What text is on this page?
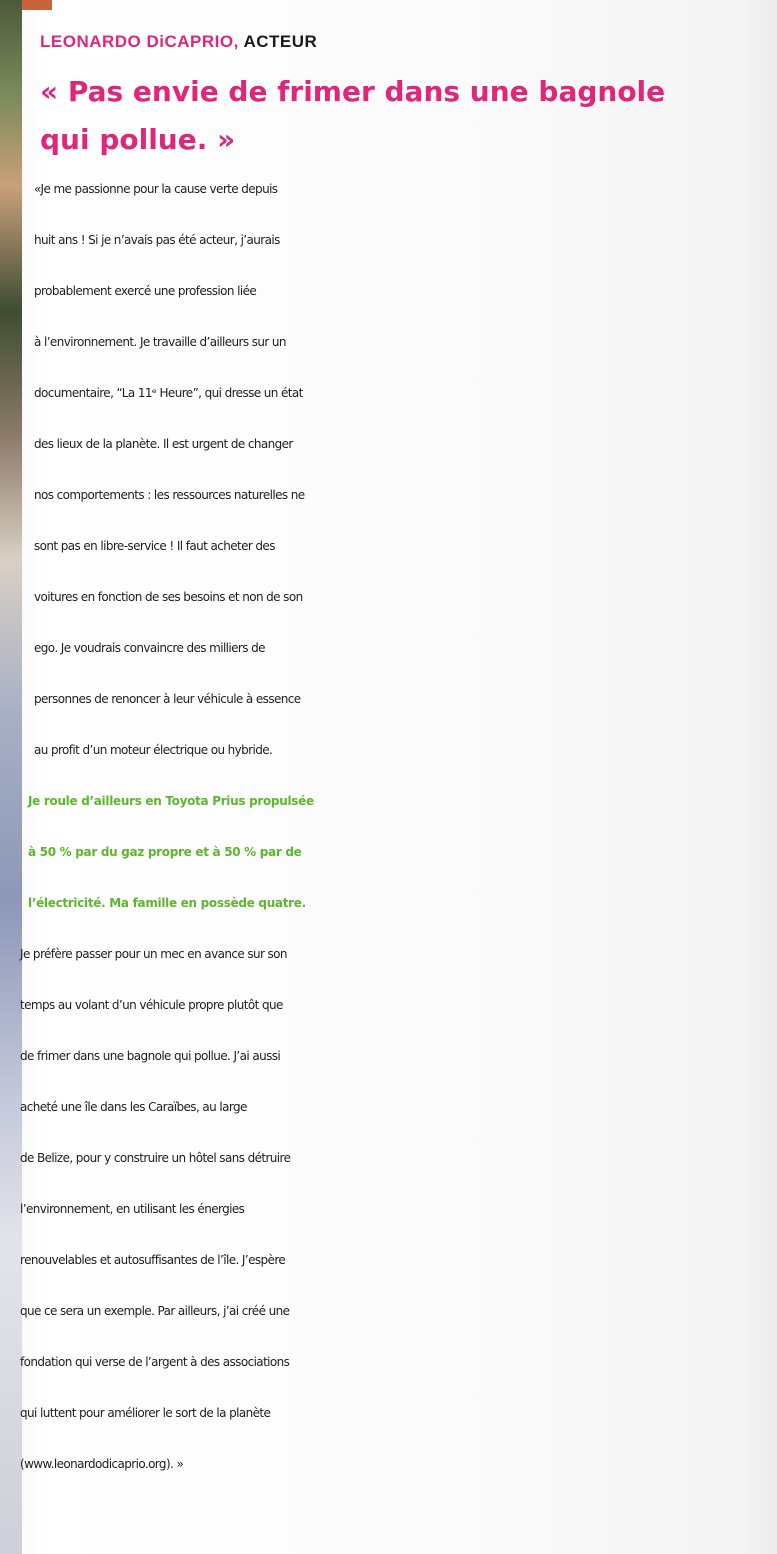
LEONARDO DiCAPRIO, ACTEUR
« Pas envie de frimer dans une bagnole
qui pollue. »
«Je me passionne pour la cause verte depuis
huit ans ! Si je n’avais pas été acteur, j’aurais
probablement exercé une profession liée
à l’environnement. Je travaille d’ailleurs sur un
documentaire, “La 11ᵉ Heure”, qui dresse un état
des lieux de la planète. Il est urgent de changer
nos comportements : les ressources naturelles ne
sont pas en libre-service ! Il faut acheter des
voitures en fonction de ses besoins et non de son
ego. Je voudrais convaincre des milliers de
personnes de renoncer à leur véhicule à essence
au profit d’un moteur électrique ou hybride.
Je roule d’ailleurs en Toyota Prius propulsée
à 50 % par du gaz propre et à 50 % par de
l’électricité. Ma famille en possède quatre.
Je préfère passer pour un mec en avance sur son
temps au volant d’un véhicule propre plutôt que
de frimer dans une bagnole qui pollue. J’ai aussi
acheté une île dans les Caraïbes, au large
de Belize, pour y construire un hôtel sans détruire
l’environnement, en utilisant les énergies
renouvelables et autosuffisantes de l’île. J’espère
que ce sera un exemple. Par ailleurs, j’ai créé une
fondation qui verse de l’argent à des associations
qui luttent pour améliorer le sort de la planète
(www.leonardodicaprio.org). »
